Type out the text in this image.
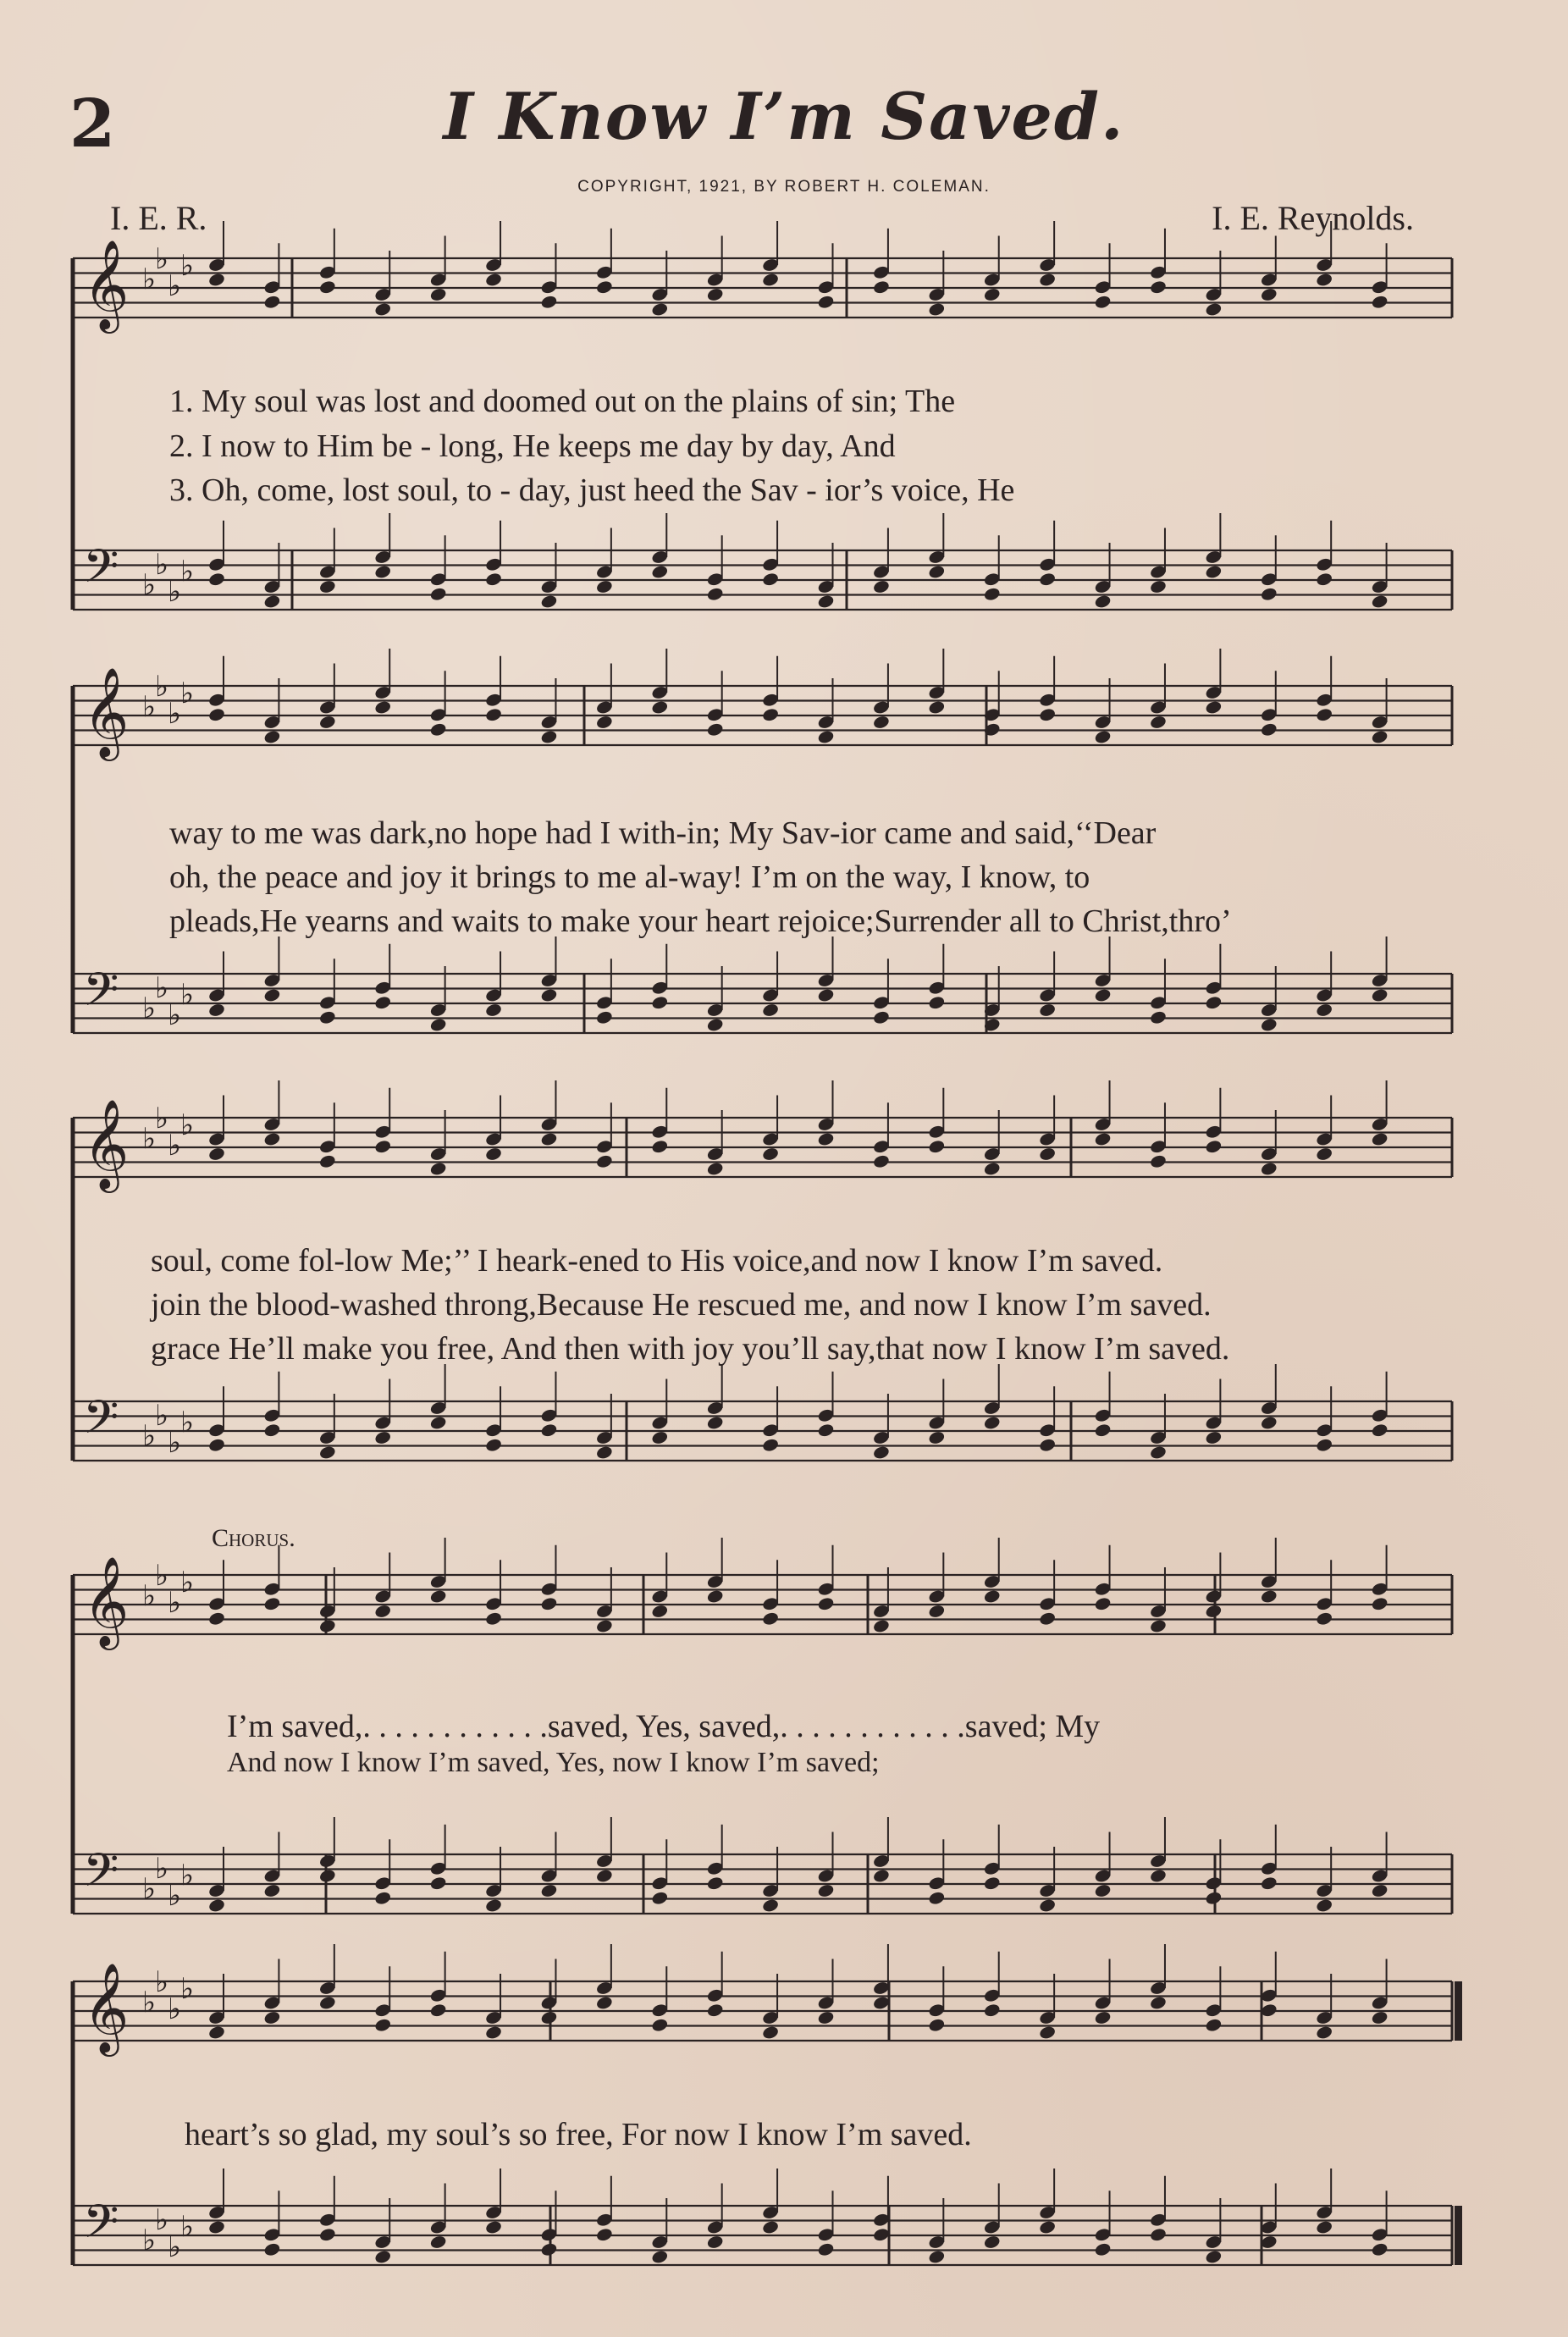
𝄞 ♭
♭
♭
♭
𝄢 ♭
♭
♭
♭
𝄞 ♭
♭
♭
♭
𝄢 ♭
♭
♭
♭
𝄞 ♭
♭
♭
♭
𝄢 ♭
♭
♭
♭
𝄞 ♭
♭
♭
♭
𝄢 ♭
♭
♭
♭
𝄞 ♭
♭
♭
♭
𝄢 ♭
♭
♭
♭
2	I Know I’m Saved.
COPYRIGHT, 1921, BY ROBERT H. COLEMAN.
I. E. R.	I. E. Reynolds.
1. My soul was lost and doomed out on the plains of sin; The
2. I now to Him be - long, He keeps me day by day, And
3. Oh, come, lost soul, to - day, just heed the Sav - ior’s voice, He
way to me was dark,no hope had I with-in; My Sav-ior came and said,‘‘Dear
oh, the peace and joy it brings to me al-way! I’m on the way, I know, to
pleads,He yearns and waits to make your heart rejoice;Surrender all to Christ,thro’
soul, come fol-low Me;’’ I heark-ened to His voice,and now I know I’m saved.
join the blood-washed throng,Because He rescued me, and now I know I’m saved.
grace He’ll make you free, And then with joy you’ll say,that now I know I’m saved.
Chorus.
I’m saved,. . . . . . . . . . . .saved, Yes, saved,. . . . . . . . . . . .saved; My
And now I know I’m saved, Yes, now I know I’m saved;
heart’s so glad, my soul’s so free, For now I know I’m saved.
